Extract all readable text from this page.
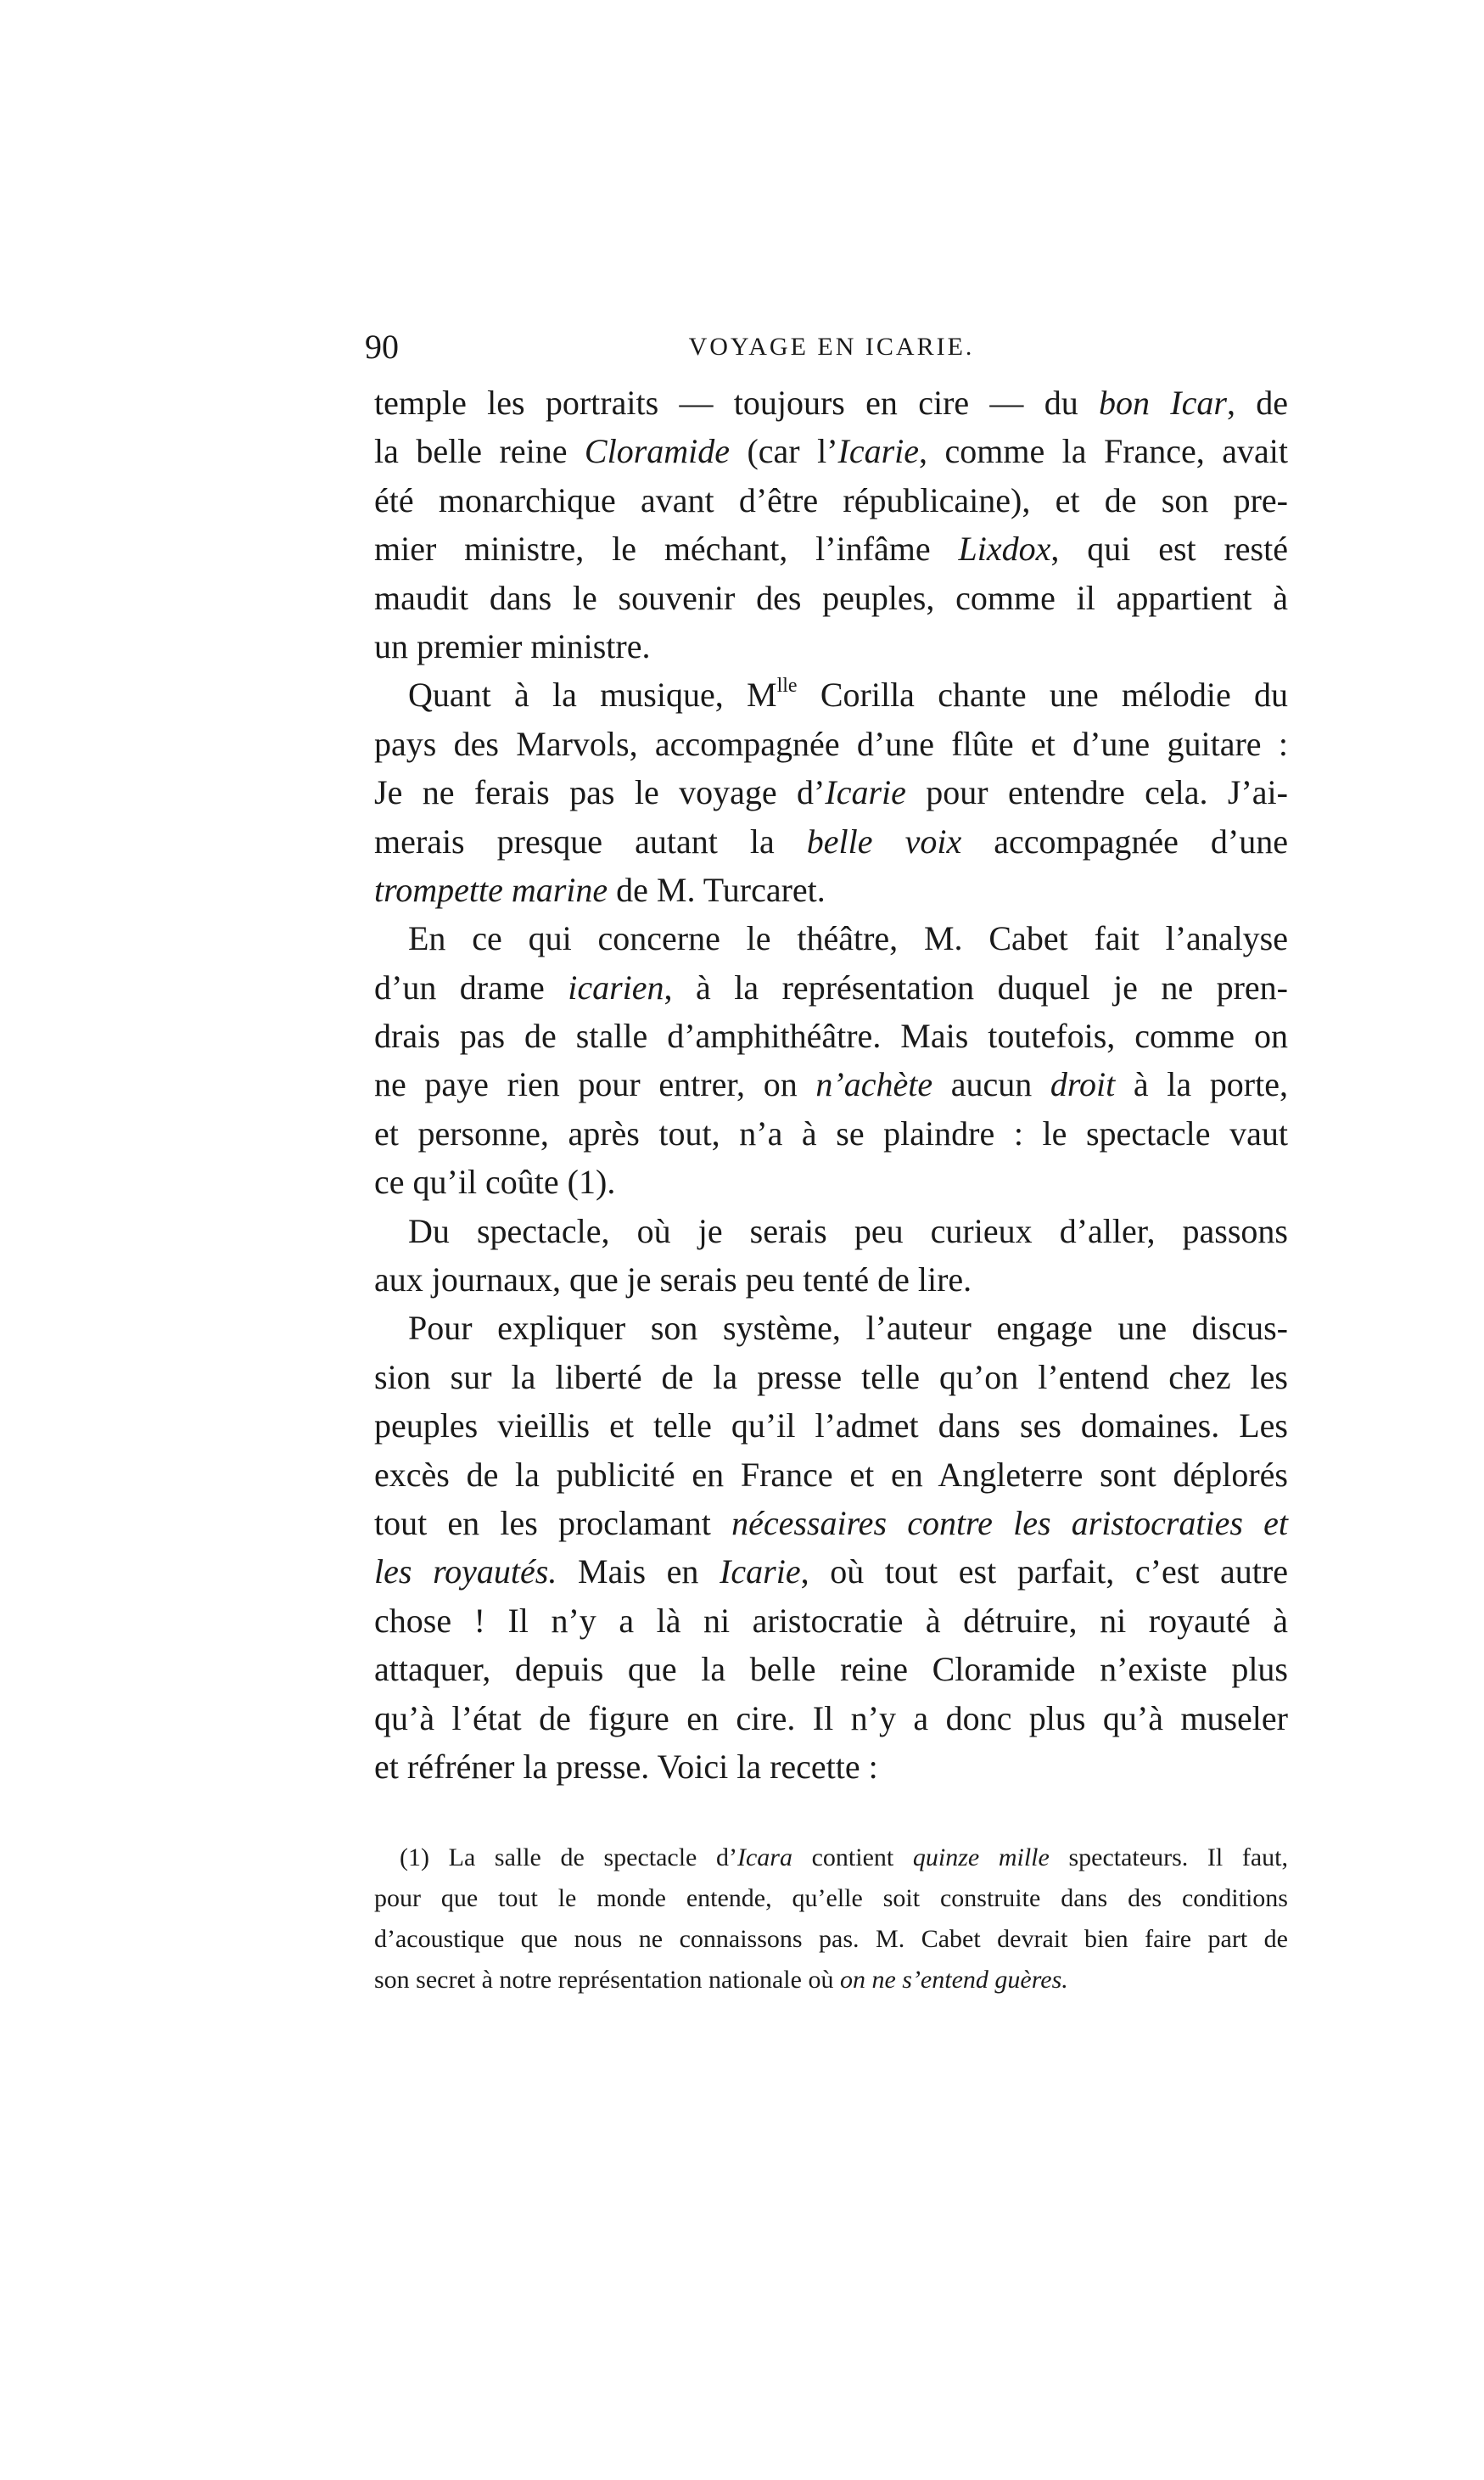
90	VOYAGE EN ICARIE.
temple les portraits — toujours en cire — du bon Icar, de
la belle reine Cloramide (car l’Icarie, comme la France, avait
été monarchique avant d’être républicaine), et de son pre-
mier ministre, le méchant, l’infâme Lixdox, qui est resté
maudit dans le souvenir des peuples, comme il appartient à
un premier ministre.
Quant à la musique, $M^{lle}$ Corilla chante une mélodie du
pays des Marvols, accompagnée d’une flûte et d’une guitare :
Je ne ferais pas le voyage d’Icarie pour entendre cela. J’ai-
merais presque autant la belle voix accompagnée d’une
trompette marine de M. Turcaret.
En ce qui concerne le théâtre, M. Cabet fait l’analyse
d’un drame icarien, à la représentation duquel je ne pren-
drais pas de stalle d’amphithéâtre. Mais toutefois, comme on
ne paye rien pour entrer, on n’achète aucun droit à la porte,
et personne, après tout, n’a à se plaindre : le spectacle vaut
ce qu’il coûte (1).
Du spectacle, où je serais peu curieux d’aller, passons
aux journaux, que je serais peu tenté de lire.
Pour expliquer son système, l’auteur engage une discus-
sion sur la liberté de la presse telle qu’on l’entend chez les
peuples vieillis et telle qu’il l’admet dans ses domaines. Les
excès de la publicité en France et en Angleterre sont déplorés
tout en les proclamant nécessaires contre les aristocraties et
les royautés. Mais en Icarie, où tout est parfait, c’est autre
chose ! Il n’y a là ni aristocratie à détruire, ni royauté à
attaquer, depuis que la belle reine Cloramide n’existe plus
qu’à l’état de figure en cire. Il n’y a donc plus qu’à museler
et réfréner la presse. Voici la recette :
(1) La salle de spectacle d’Icara contient quinze mille spectateurs. Il faut,
pour que tout le monde entende, qu’elle soit construite dans des conditions
d’acoustique que nous ne connaissons pas. M. Cabet devrait bien faire part de
son secret à notre représentation nationale où on ne s’entend guères.
